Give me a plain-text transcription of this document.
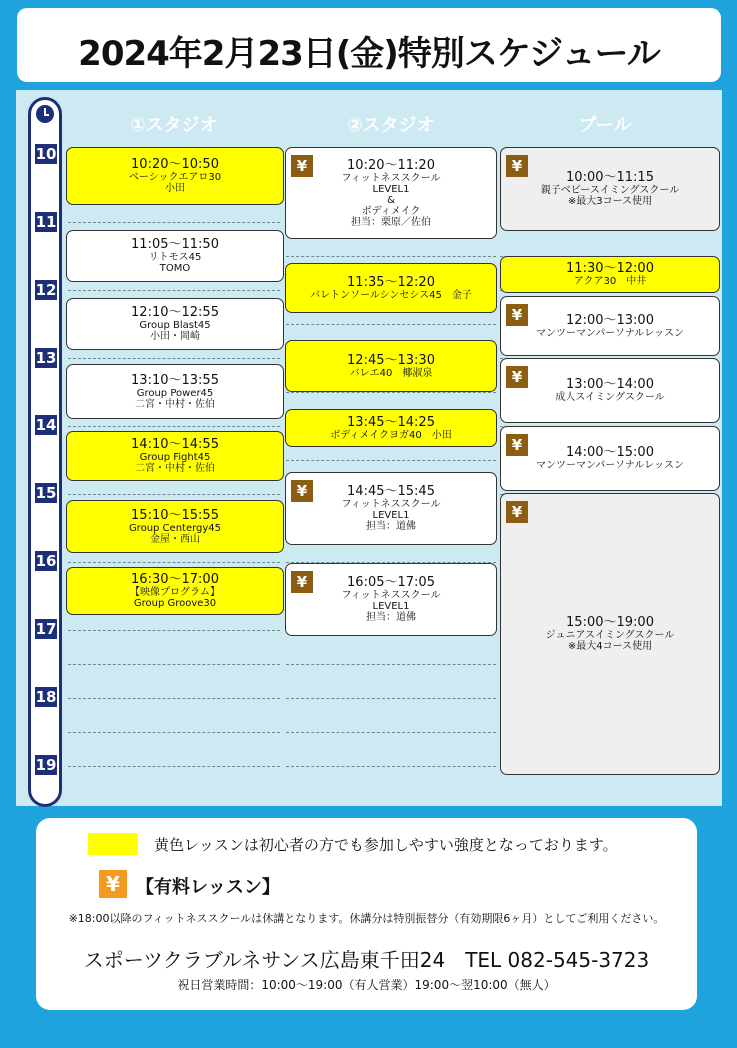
2024年2月23日(金)特別スケジュール
10
11
12
13
14
15
16
17
18
19
①スタジオ	②スタジオ	プール
10:20～10:50
ベーシックエアロ30
小田
11:05～11:50
リトモス45
TOMO
12:10～12:55
Group Blast45
小田・岡崎
13:10～13:55
Group Power45
二宮・中村・佐伯
14:10～14:55
Group Fight45
二宮・中村・佐伯
15:10～15:55
Group Centergy45
金屋・西山
16:30～17:00
【映像プログラム】
Group Groove30
10:20～11:20
フィットネススクール
LEVEL1
&
ボディメイク
担当：栗原／佐伯
¥
11:35～12:20
バレトンソールシンセシス45　金子
12:45～13:30
バレエ40　椰淑泉
13:45～14:25
ボディメイクヨガ40　小田
14:45～15:45
フィットネススクール
LEVEL1
担当：道佛
¥
16:05～17:05
フィットネススクール
LEVEL1
担当：道佛
¥
10:00～11:15
親子ベビースイミングスクール
※最大3コース使用
¥
11:30～12:00
アクア30　中井
12:00～13:00
マンツーマンパーソナルレッスン
¥
13:00～14:00
成人スイミングスクール
¥
14:00～15:00
マンツーマンパーソナルレッスン
¥
15:00～19:00
ジュニアスイミングスクール
※最大4コース使用
¥
黄色レッスンは初心者の方でも参加しやすい強度となっております。
¥ 【有料レッスン】
※18:00以降のフィットネススクールは休講となります。休講分は特別振替分（有効期限6ヶ月）としてご利用ください。
スポーツクラブルネサンス広島東千田24　TEL 082-545-3723
祝日営業時間：10:00～19:00（有人営業）19:00～翌10:00（無人）
